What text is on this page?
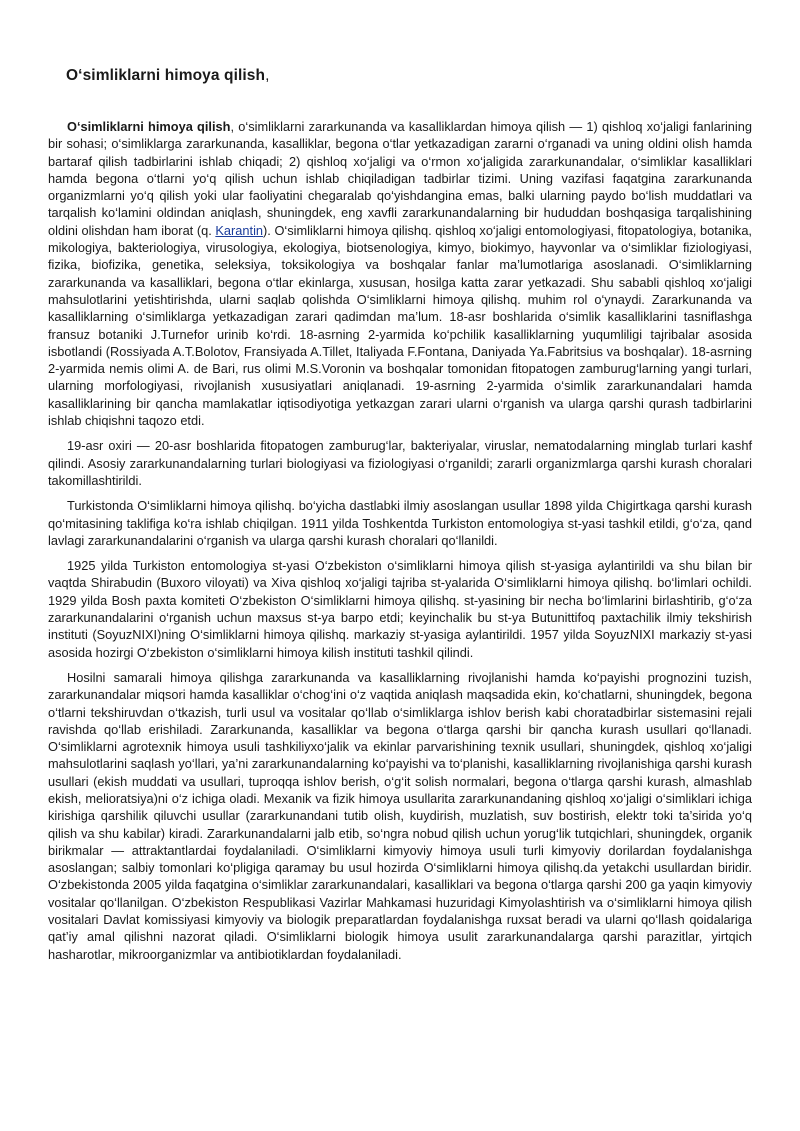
O‘simliklarni himoya qilish,

O‘simliklarni himoya qilish, o‘simliklarni zararkunanda va kasalliklardan himoya qilish — 1) qishloq xo‘jaligi fanlarining bir sohasi; o‘simliklarga zararkunanda, kasalliklar, begona o‘tlar yetkazadigan zararni o‘rganadi va uning oldini olish hamda bartaraf qilish tadbirlarini ishlab chiqadi; 2) qishloq xo‘jaligi va o‘rmon xo‘jaligida zararkunandalar, o‘simliklar kasalliklari hamda begona o‘tlarni yo‘q qilish uchun ishlab chiqiladigan tadbirlar tizimi. Uning vazifasi faqatgina zararkunanda organizmlarni yo‘q qilish yoki ular faoliyatini chegaralab qo‘yishdangina emas, balki ularning paydo bo‘lish muddatlari va tarqalish ko‘lamini oldindan aniqlash, shuningdek, eng xavfli zararkunandalarning bir hududdan boshqasiga tarqalishining oldini olishdan ham iborat (q. Karantin). O‘simliklarni himoya qilishq. qishloq xo‘jaligi entomologiyasi, fitopatologiya, botanika, mikologiya, bakteriologiya, virusologiya, ekologiya, biotsenologiya, kimyo, biokimyo, hayvonlar va o‘simliklar fiziologiyasi, fizika, biofizika, genetika, seleksiya, toksikologiya va boshqalar fanlar ma’lumotlariga asoslanadi. O‘simliklarning zararkunanda va kasalliklari, begona o‘tlar ekinlarga, xususan, hosilga katta zarar yetkazadi. Shu sababli qishloq xo‘jaligi mahsulotlarini yetishtirishda, ularni saqlab qolishda O‘simliklarni himoya qilishq. muhim rol o‘ynaydi. Zararkunanda va kasalliklarning o‘simliklarga yetkazadigan zarari qadimdan ma’lum. 18-asr boshlarida o‘simlik kasalliklarini tasniflashga fransuz botaniki J.Turnefor urinib ko‘rdi. 18-asrning 2-yarmida ko‘pchilik kasalliklarning yuqumliligi tajribalar asosida isbotlandi (Rossiyada A.T.Bolotov, Fransiyada A.Tillet, Italiyada F.Fontana, Daniyada Ya.Fabritsius va boshqalar). 18-asrning 2-yarmida nemis olimi A. de Bari, rus olimi M.S.Voronin va boshqalar tomonidan fitopatogen zamburug‘larning yangi turlari, ularning morfologiyasi, rivojlanish xususiyatlari aniqlanadi. 19-asrning 2-yarmida o‘simlik zararkunandalari hamda kasalliklarining bir qancha mamlakatlar iqtisodiyotiga yetkazgan zarari ularni o‘rganish va ularga qarshi qurash tadbirlarini ishlab chiqishni taqozo etdi.

19-asr oxiri — 20-asr boshlarida fitopatogen zamburug‘lar, bakteriyalar, viruslar, nematodalarning minglab turlari kashf qilindi. Asosiy zararkunandalarning turlari biologiyasi va fiziologiyasi o‘rganildi; zararli organizmlarga qarshi kurash choralari takomillashtirildi.

Turkistonda O‘simliklarni himoya qilishq. bo‘yicha dastlabki ilmiy asoslangan usullar 1898 yilda Chigirtkaga qarshi kurash qo‘mitasining taklifiga ko‘ra ishlab chiqilgan. 1911 yilda Toshkentda Turkiston entomologiya st-yasi tashkil etildi, g‘o‘za, qand lavlagi zararkunandalarini o‘rganish va ularga qarshi kurash choralari qo‘llanildi.

1925 yilda Turkiston entomologiya st-yasi O‘zbekiston o‘simliklarni himoya qilish st-yasiga aylantirildi va shu bilan bir vaqtda Shirabudin (Buxoro viloyati) va Xiva qishloq xo‘jaligi tajriba st-yalarida O‘simliklarni himoya qilishq. bo‘limlari ochildi. 1929 yilda Bosh paxta komiteti O‘zbekiston O‘simliklarni himoya qilishq. st-yasining bir necha bo‘limlarini birlashtirib, g‘o‘za zararkunandalarini o‘rganish uchun maxsus st-ya barpo etdi; keyinchalik bu st-ya Butunittifoq paxtachilik ilmiy tekshirish instituti (SoyuzNIXI)ning O‘simliklarni himoya qilishq. markaziy st-yasiga aylantirildi. 1957 yilda SoyuzNIXI markaziy st-yasi asosida hozirgi O‘zbekiston o‘simliklarni himoya kilish instituti tashkil qilindi.

Hosilni samarali himoya qilishga zararkunanda va kasalliklarning rivojlanishi hamda ko‘payishi prognozini tuzish, zararkunandalar miqsori hamda kasalliklar o‘chog‘ini o‘z vaqtida aniqlash maqsadida ekin, ko‘chatlarni, shuningdek, begona o‘tlarni tekshiruvdan o‘tkazish, turli usul va vositalar qo‘llab o‘simliklarga ishlov berish kabi choratadbirlar sistemasini rejali ravishda qo‘llab erishiladi. Zararkunanda, kasalliklar va begona o‘tlarga qarshi bir qancha kurash usullari qo‘llanadi. O‘simliklarni agrotexnik himoya usuli tashkiliyxo‘jalik va ekinlar parvarishining texnik usullari, shuningdek, qishloq xo‘jaligi mahsulotlarini saqlash yo‘llari, ya’ni zararkunandalarning ko‘payishi va to‘planishi, kasalliklarning rivojlanishiga qarshi kurash usullari (ekish muddati va usullari, tuproqqa ishlov berish, o‘g‘it solish normalari, begona o‘tlarga qarshi kurash, almashlab ekish, melioratsiya)ni o‘z ichiga oladi. Mexanik va fizik himoya usullarita zararkunandaning qishloq xo‘jaligi o‘simliklari ichiga kirishiga qarshilik qiluvchi usullar (zararkunandani tutib olish, kuydirish, muzlatish, suv bostirish, elektr toki ta’sirida yo‘q qilish va shu kabilar) kiradi. Zararkunandalarni jalb etib, so‘ngra nobud qilish uchun yorug‘lik tutqichlari, shuningdek, organik birikmalar — attraktantlardai foydalaniladi. O‘simliklarni kimyoviy himoya usuli turli kimyoviy dorilardan foydalanishga asoslangan; salbiy tomonlari ko‘pligiga qaramay bu usul hozirda O‘simliklarni himoya qilishq.da yetakchi usullardan biridir. O‘zbekistonda 2005 yilda faqatgina o‘simliklar zararkunandalari, kasalliklari va begona o‘tlarga qarshi 200 ga yaqin kimyoviy vositalar qo‘llanilgan. O‘zbekiston Respublikasi Vazirlar Mahkamasi huzuridagi Kimyolashtirish va o‘simliklarni himoya qilish vositalari Davlat komissiyasi kimyoviy va biologik preparatlardan foydalanishga ruxsat beradi va ularni qo‘llash qoidalariga qat’iy amal qilishni nazorat qiladi. O‘simliklarni biologik himoya usulit zararkunandalarga qarshi parazitlar, yirtqich hasharotlar, mikroorganizmlar va antibiotiklardan foydalaniladi.
